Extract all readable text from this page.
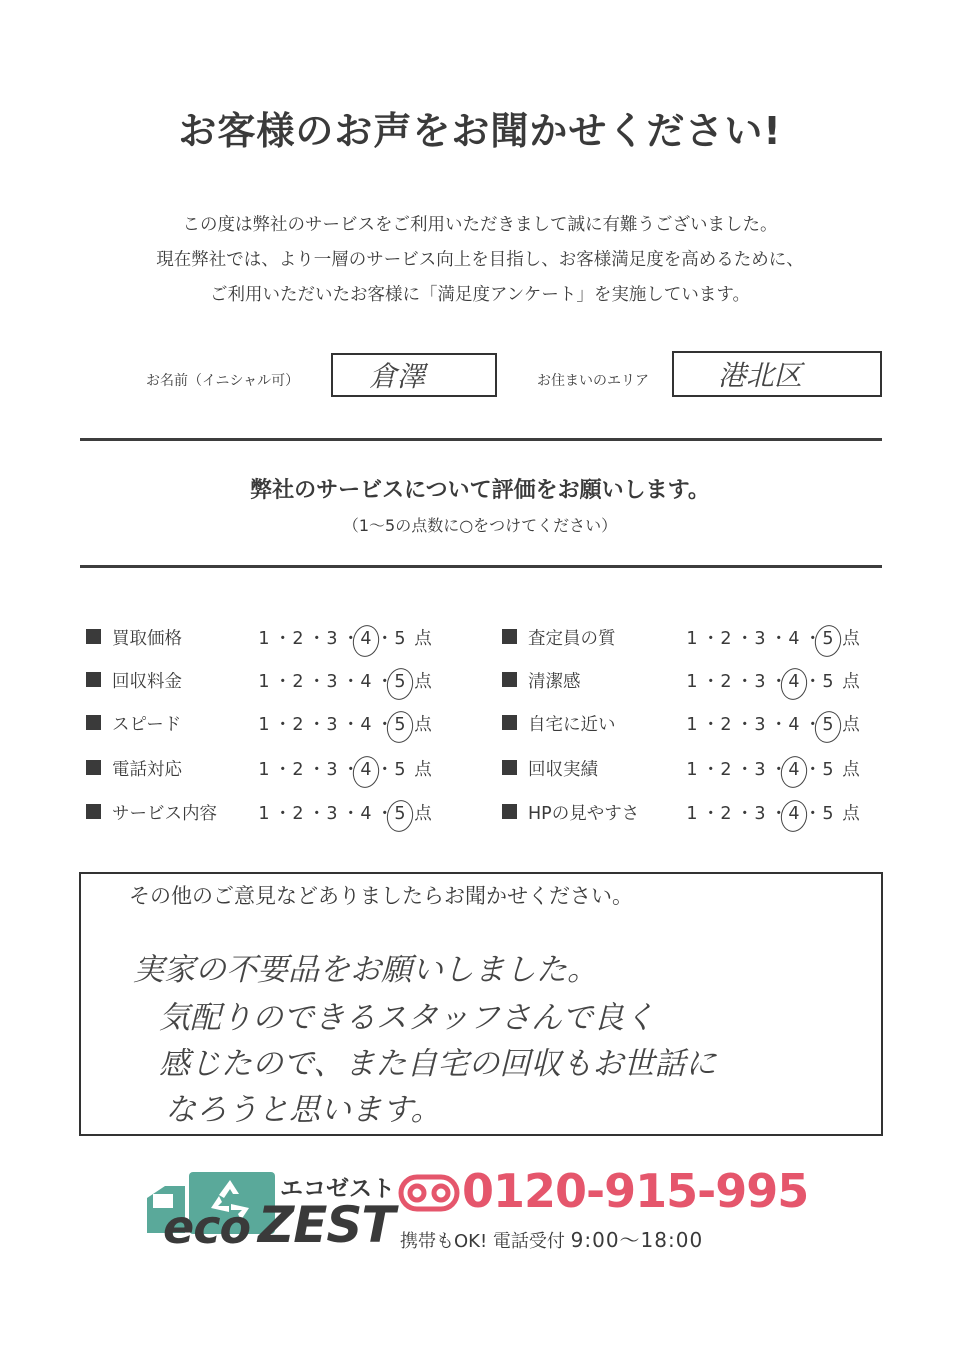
お客様のお声をお聞かせください!
この度は弊社のサービスをご利用いただきまして誠に有難うございました。
現在弊社では、より一層のサービス向上を目指し、お客様満足度を高めるために、
ご利用いただいたお客様に「満足度アンケート」を実施しています。
お名前（イニシャル可） 倉澤	お住まいのエリア 港北区
弊社のサービスについて評価をお願いします。
（1〜5の点数に○をつけてください）
買取価格	1 ・2 ・3 ・4 ・5 点
回収料金	1 ・2 ・3 ・4 ・5 点
スピード	1 ・2 ・3 ・4 ・5 点
電話対応	1 ・2 ・3 ・4 ・5 点
サービス内容 1 ・2 ・3 ・4 ・5 点
査定員の質	1 ・2 ・3 ・4 ・5 点
清潔感	1 ・2 ・3 ・4 ・5 点
自宅に近い	1 ・2 ・3 ・4 ・5 点
回収実績	1 ・2 ・3 ・4 ・5 点
HPの見やすさ	1 ・2 ・3 ・4 ・5 点
その他のご意見などありましたらお聞かせください。
実家の不要品をお願いしました。
気配りのできるスタッフさんで良く
感じたので、また自宅の回収もお世話に
なろうと思います。
エコゼスト
eco ZEST
0120-915-995
携帯もOK! 電話受付 9:00〜18:00
